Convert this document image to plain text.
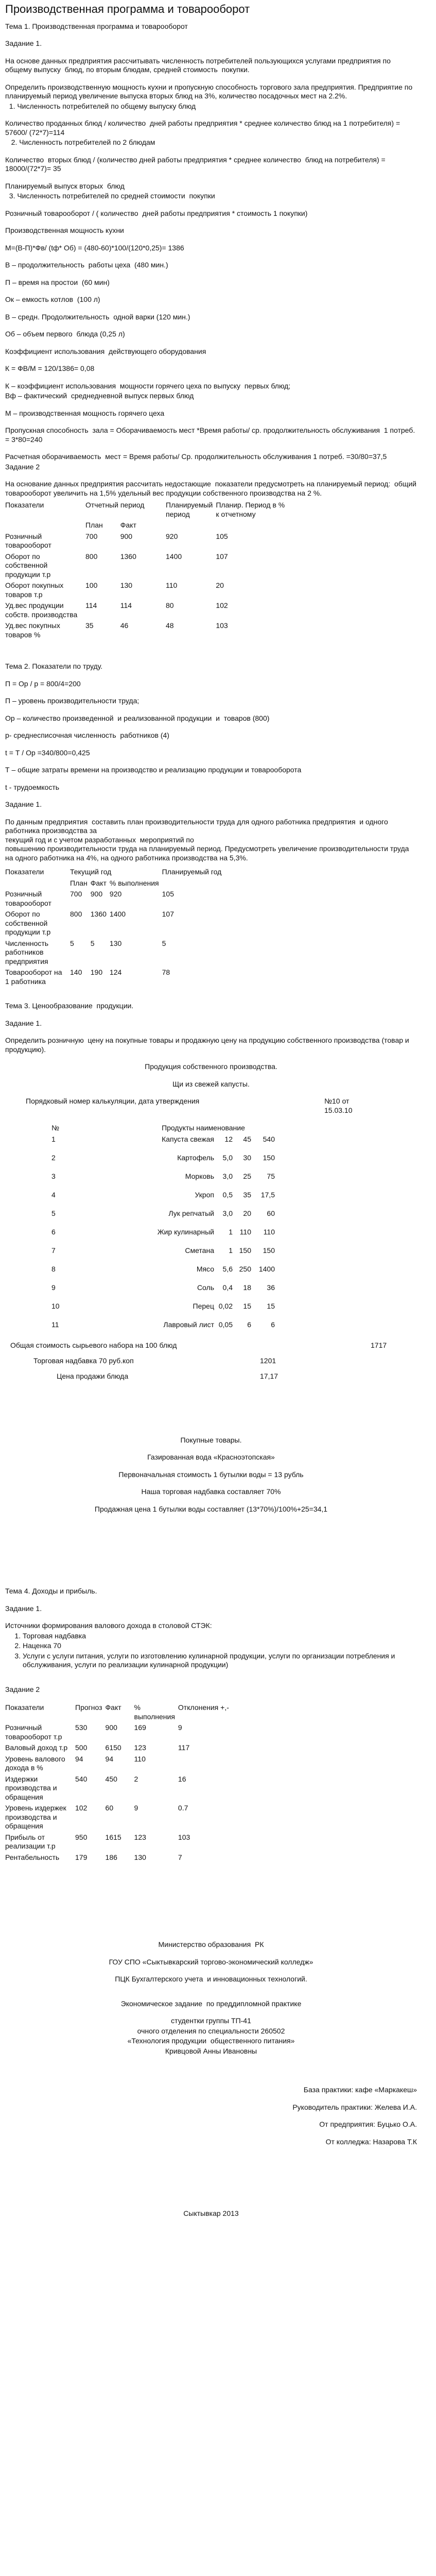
Производственная программа и товарооборот
Тема 1. Производственная программа и товарооборот
Задание 1.
На основе данных предприятия рассчитывать численность потребителей пользующихся услугами предприятия по общему выпуску  блюд, по вторым блюдам, средней стоимость  покупки.
Определить производственную мощность кухни и пропускную способность торгового зала предприятия. Предприятие по планируемый период увеличение выпуска вторых блюд на 3%, количество посадочных мест на 2.2%.
1. Численность потребителей по общему выпуску блюд
Количество проданных блюд / количество  дней работы предприятия * среднее количество блюд на 1 потребителя) = 57600/ (72*7)=114
2. Численность потребителей по 2 блюдам
Количество  вторых блюд / (количество дней работы предприятия * среднее количество  блюд на потребителя) = 18000/(72*7)= 35
Планируемый выпуск вторых  блюд
3. Численность потребителей по средней стоимости  покупки
Розничный товарооборот / ( количество  дней работы предприятия * стоимость 1 покупки)
Производственная мощность кухни
М=(В-П)*Фв/ (tф* Об) = (480-60)*100/(120*0,25)= 1386
В – продолжительность  работы цеха  (480 мин.)
П – время на простои  (60 мин)
Ок – емкость котлов  (100 л)
В – средн. Продолжительность  одной варки (120 мин.)
Об – объем первого  блюда (0,25 л)
Коэффициент использования  действующего оборудования
К = ФВ/М = 120/1386= 0,08
К – коэффициент использования  мощности горячего цеха по выпуску  первых блюд;
Вф – фактический  среднедневной выпуск первых блюд
М – производственная мощность горячего цеха
Пропускная способность  зала = Оборачиваемость мест *Время работы/ ср. продолжительность обслуживания  1 потреб.  = 3*80=240
Расчетная оборачиваемость  мест = Время работы/ Ср. продолжительность обслуживания 1 потреб. =30/80=37,5
Задание 2
На основание данных предприятия рассчитать недостающие  показатели предусмотреть на планируемый период:  общий товарооборот увеличить на 1,5% удельный вес продукции собственного производства на 2 %.
Показатели	Отчетный период		Планируемый период	Планир. Период в % к отчетному
	План	Факт		
Розничный товарооборот	700	900	920	105
Оборот по собственной продукции т.р	800	1360	1400	107
Оборот покупных товаров т.р	100	130	110	20
Уд.вес продукции собств. производства	114	114	80	102
Уд.вес покупных товаров %	35	46	48	103
Тема 2. Показатели по труду.
П = Ор / р = 800/4=200
П – уровень производительности труда;
Ор – количество произведенной  и реализованной продукции  и  товаров (800)
р- среднесписочная численность  работников (4)
t = Т / Ор =340/800=0,425
Т – общие затраты времени на производство и реализацию продукции и товарооборота
t - трудоемкость
Задание 1.
По данным предприятия  составить план производительности труда для одного работника предприятия  и одного работника производства за
текущий год и с учетом разработанных  мероприятий по
повышению производительности труда на планируемый период. Предусмотреть увеличение производительности труда на одного работника на 4%, на одного работника производства на 5,3%.
Показатели	Текущий год			Планируемый год
	План	Факт	% выполнения	
Розничный товарооборот	700	900	920	105
Оборот по собственной продукции т.р	800	1360	1400	107
Численность работников предприятия	5	5	130	5
Товарооборот на 1 работника	140	190	124	78
Тема 3. Ценообразование  продукции.
Задание 1.
Определить розничную  цену на покупные товары и продажную цену на продукцию собственного производства (товар и продукцию).
Продукция собственного производства.
Щи из свежей капусты.
Порядковый номер калькуляции, дата утверждения	№10 от
15.03.10
№	Продукты наименование			
1	Капуста свежая	12	45	540
2	Картофель	5,0	30	150
3	Морковь	3,0	25	75
4	Укроп	0,5	35	17,5
5	Лук репчатый	3,0	20	60
6	Жир кулинарный	1	110	110
7	Сметана	1	150	150
8	Мясо	5,6	250	1400
9	Соль	0,4	18	36
10	Перец	0,02	15	15
11	Лавровый лист	0,05	6	6
Общая стоимость сырьевого набора на 100 блюд	1717
Торговая надбавка 70 руб.коп	1201
Цена продажи блюда	17,17
Покупные товары.
Газированная вода «Красноэтопская»
Первоначальная стоимость 1 бутылки воды = 13 рубль
Наша торговая надбавка составляет 70%
Продажная цена 1 бутылки воды составляет (13*70%)/100%+25=34,1
Тема 4. Доходы и прибыль.
Задание 1.
Источники формирования валового дохода в столовой СТЭК:
1. Торговая надбавка
2. Наценка 70
3. Услуги с услуги питания, услуги по изготовлению кулинарной продукции, услуги по организации потребления и обслуживания, услуги по реализации кулинарной продукции)
Задание 2
Показатели	Прогноз	Факт	% выполнения	Отклонения +,-
Розничный товарооборот т.р	530	900	169	9
Валовый доход т.р	500	6150	123	117
Уровень валового дохода в %	94	94	110	
Издержки производства и обращения	540	450	2	16
Уровень издержек производства и обращения	102	60	9	0.7
Прибыль от реализации т.р	950	1615	123	103
Рентабельность	179	186	130	7
Министерство образования  РК
ГОУ СПО «Сыктывкарский торгово-экономический колледж»
ПЦК Бухгалтерского учета  и инновационных технологий.
Экономическое задание  по преддипломной практике
студентки группы ТП-41
очного отделения по специальности 260502
«Технология продукции  общественного питания»
Кривцовой Анны Ивановны
База практики: кафе «Маркакеш»
Руководитель практики: Желева И.А.
От предприятия: Буцько О.А.
От колледжа: Назарова Т.К
Сыктывкар 2013
